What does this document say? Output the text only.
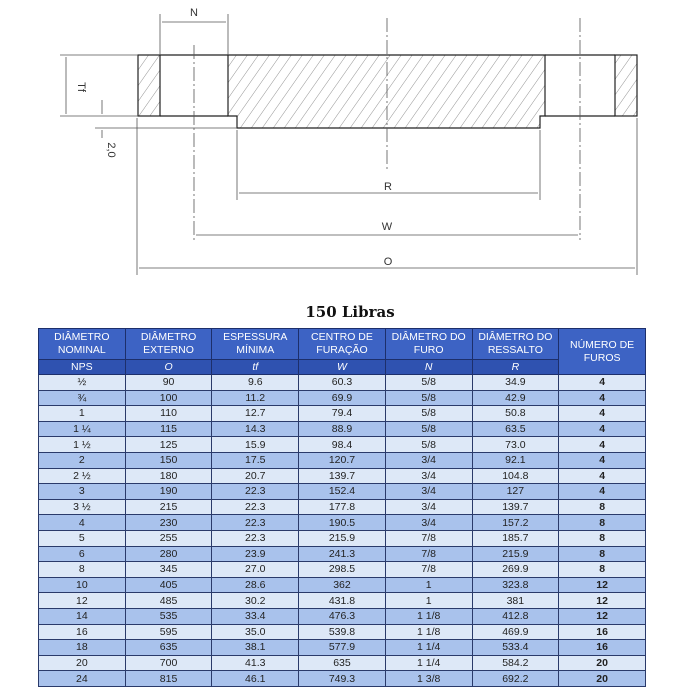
N
Tf
2,0
R
W
O
150 Libras
DIÂMETRO NOMINAL	DIÂMETRO EXTERNO	ESPESSURA MÍNIMA	CENTRO DE FURAÇÃO	DIÂMETRO DO FURO	DIÂMETRO DO RESSALTO	NÚMERO DE FUROS
NPS	O	tf	W	N	R	
½	90	9.6	60.3	5/8	34.9	4
¾	100	11.2	69.9	5/8	42.9	4
1	110	12.7	79.4	5/8	50.8	4
1 ¼	115	14.3	88.9	5/8	63.5	4
1 ½	125	15.9	98.4	5/8	73.0	4
2	150	17.5	120.7	3/4	92.1	4
2 ½	180	20.7	139.7	3/4	104.8	4
3	190	22.3	152.4	3/4	127	4
3 ½	215	22.3	177.8	3/4	139.7	8
4	230	22.3	190.5	3/4	157.2	8
5	255	22.3	215.9	7/8	185.7	8
6	280	23.9	241.3	7/8	215.9	8
8	345	27.0	298.5	7/8	269.9	8
10	405	28.6	362	1	323.8	12
12	485	30.2	431.8	1	381	12
14	535	33.4	476.3	1 1/8	412.8	12
16	595	35.0	539.8	1 1/8	469.9	16
18	635	38.1	577.9	1 1/4	533.4	16
20	700	41.3	635	1 1/4	584.2	20
24	815	46.1	749.3	1 3/8	692.2	20
